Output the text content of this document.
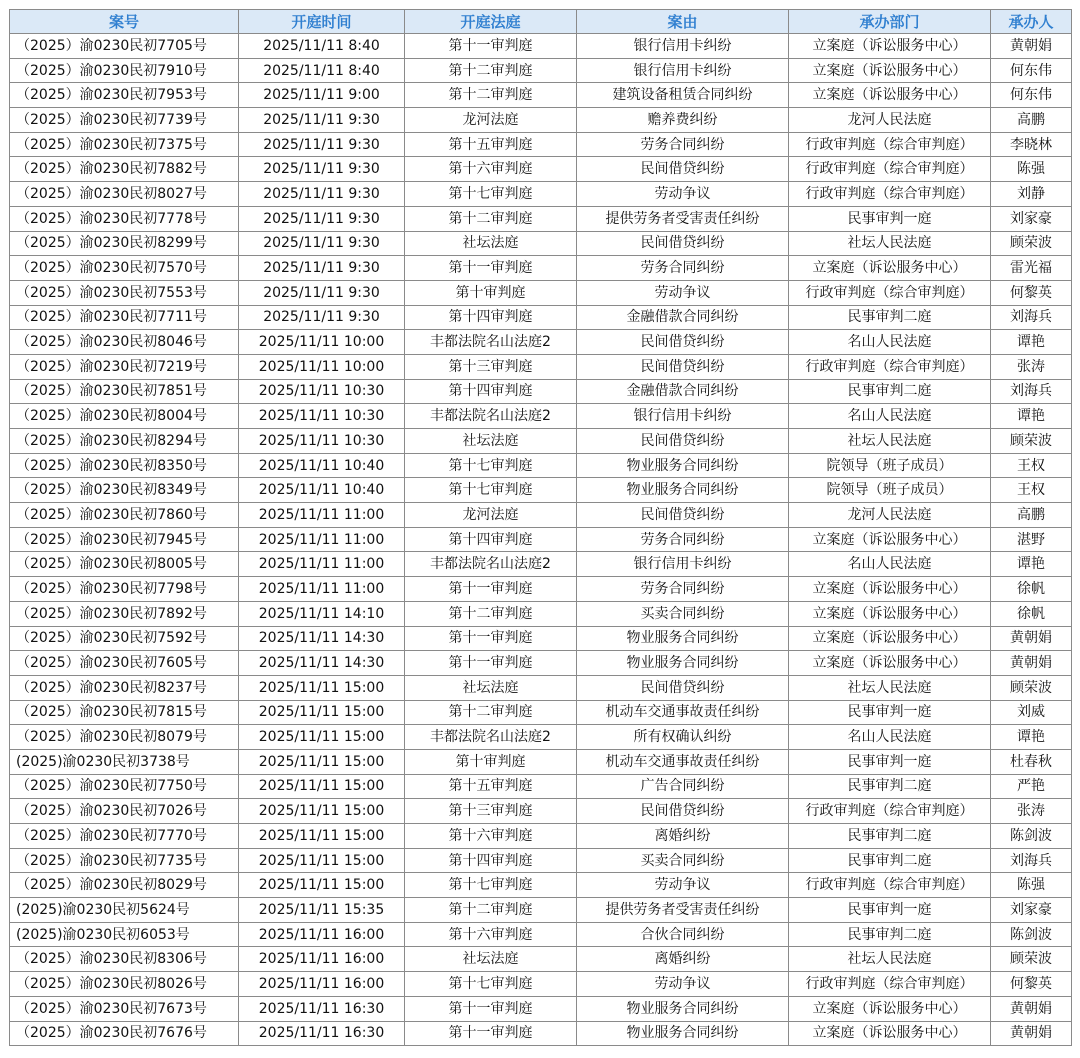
案号	开庭时间	开庭法庭	案由	承办部门	承办人
（2025）渝0230民初7705号	2025/11/11 8:40	第十一审判庭	银行信用卡纠纷	立案庭（诉讼服务中心）	黄朝娟
（2025）渝0230民初7910号	2025/11/11 8:40	第十二审判庭	银行信用卡纠纷	立案庭（诉讼服务中心）	何东伟
（2025）渝0230民初7953号	2025/11/11 9:00	第十二审判庭	建筑设备租赁合同纠纷	立案庭（诉讼服务中心）	何东伟
（2025）渝0230民初7739号	2025/11/11 9:30	龙河法庭	赡养费纠纷	龙河人民法庭	高鹏
（2025）渝0230民初7375号	2025/11/11 9:30	第十五审判庭	劳务合同纠纷	行政审判庭（综合审判庭）	李晓林
（2025）渝0230民初7882号	2025/11/11 9:30	第十六审判庭	民间借贷纠纷	行政审判庭（综合审判庭）	陈强
（2025）渝0230民初8027号	2025/11/11 9:30	第十七审判庭	劳动争议	行政审判庭（综合审判庭）	刘静
（2025）渝0230民初7778号	2025/11/11 9:30	第十二审判庭	提供劳务者受害责任纠纷	民事审判一庭	刘家豪
（2025）渝0230民初8299号	2025/11/11 9:30	社坛法庭	民间借贷纠纷	社坛人民法庭	顾荣波
（2025）渝0230民初7570号	2025/11/11 9:30	第十一审判庭	劳务合同纠纷	立案庭（诉讼服务中心）	雷光福
（2025）渝0230民初7553号	2025/11/11 9:30	第十审判庭	劳动争议	行政审判庭（综合审判庭）	何黎英
（2025）渝0230民初7711号	2025/11/11 9:30	第十四审判庭	金融借款合同纠纷	民事审判二庭	刘海兵
（2025）渝0230民初8046号	2025/11/11 10:00	丰都法院名山法庭2	民间借贷纠纷	名山人民法庭	谭艳
（2025）渝0230民初7219号	2025/11/11 10:00	第十三审判庭	民间借贷纠纷	行政审判庭（综合审判庭）	张涛
（2025）渝0230民初7851号	2025/11/11 10:30	第十四审判庭	金融借款合同纠纷	民事审判二庭	刘海兵
（2025）渝0230民初8004号	2025/11/11 10:30	丰都法院名山法庭2	银行信用卡纠纷	名山人民法庭	谭艳
（2025）渝0230民初8294号	2025/11/11 10:30	社坛法庭	民间借贷纠纷	社坛人民法庭	顾荣波
（2025）渝0230民初8350号	2025/11/11 10:40	第十七审判庭	物业服务合同纠纷	院领导（班子成员）	王权
（2025）渝0230民初8349号	2025/11/11 10:40	第十七审判庭	物业服务合同纠纷	院领导（班子成员）	王权
（2025）渝0230民初7860号	2025/11/11 11:00	龙河法庭	民间借贷纠纷	龙河人民法庭	高鹏
（2025）渝0230民初7945号	2025/11/11 11:00	第十四审判庭	劳务合同纠纷	立案庭（诉讼服务中心）	湛野
（2025）渝0230民初8005号	2025/11/11 11:00	丰都法院名山法庭2	银行信用卡纠纷	名山人民法庭	谭艳
（2025）渝0230民初7798号	2025/11/11 11:00	第十一审判庭	劳务合同纠纷	立案庭（诉讼服务中心）	徐帆
（2025）渝0230民初7892号	2025/11/11 14:10	第十二审判庭	买卖合同纠纷	立案庭（诉讼服务中心）	徐帆
（2025）渝0230民初7592号	2025/11/11 14:30	第十一审判庭	物业服务合同纠纷	立案庭（诉讼服务中心）	黄朝娟
（2025）渝0230民初7605号	2025/11/11 14:30	第十一审判庭	物业服务合同纠纷	立案庭（诉讼服务中心）	黄朝娟
（2025）渝0230民初8237号	2025/11/11 15:00	社坛法庭	民间借贷纠纷	社坛人民法庭	顾荣波
（2025）渝0230民初7815号	2025/11/11 15:00	第十二审判庭	机动车交通事故责任纠纷	民事审判一庭	刘威
（2025）渝0230民初8079号	2025/11/11 15:00	丰都法院名山法庭2	所有权确认纠纷	名山人民法庭	谭艳
(2025)渝0230民初3738号	2025/11/11 15:00	第十审判庭	机动车交通事故责任纠纷	民事审判一庭	杜春秋
（2025）渝0230民初7750号	2025/11/11 15:00	第十五审判庭	广告合同纠纷	民事审判二庭	严艳
（2025）渝0230民初7026号	2025/11/11 15:00	第十三审判庭	民间借贷纠纷	行政审判庭（综合审判庭）	张涛
（2025）渝0230民初7770号	2025/11/11 15:00	第十六审判庭	离婚纠纷	民事审判二庭	陈剑波
（2025）渝0230民初7735号	2025/11/11 15:00	第十四审判庭	买卖合同纠纷	民事审判二庭	刘海兵
（2025）渝0230民初8029号	2025/11/11 15:00	第十七审判庭	劳动争议	行政审判庭（综合审判庭）	陈强
(2025)渝0230民初5624号	2025/11/11 15:35	第十二审判庭	提供劳务者受害责任纠纷	民事审判一庭	刘家豪
(2025)渝0230民初6053号	2025/11/11 16:00	第十六审判庭	合伙合同纠纷	民事审判二庭	陈剑波
（2025）渝0230民初8306号	2025/11/11 16:00	社坛法庭	离婚纠纷	社坛人民法庭	顾荣波
（2025）渝0230民初8026号	2025/11/11 16:00	第十七审判庭	劳动争议	行政审判庭（综合审判庭）	何黎英
（2025）渝0230民初7673号	2025/11/11 16:30	第十一审判庭	物业服务合同纠纷	立案庭（诉讼服务中心）	黄朝娟
（2025）渝0230民初7676号	2025/11/11 16:30	第十一审判庭	物业服务合同纠纷	立案庭（诉讼服务中心）	黄朝娟
